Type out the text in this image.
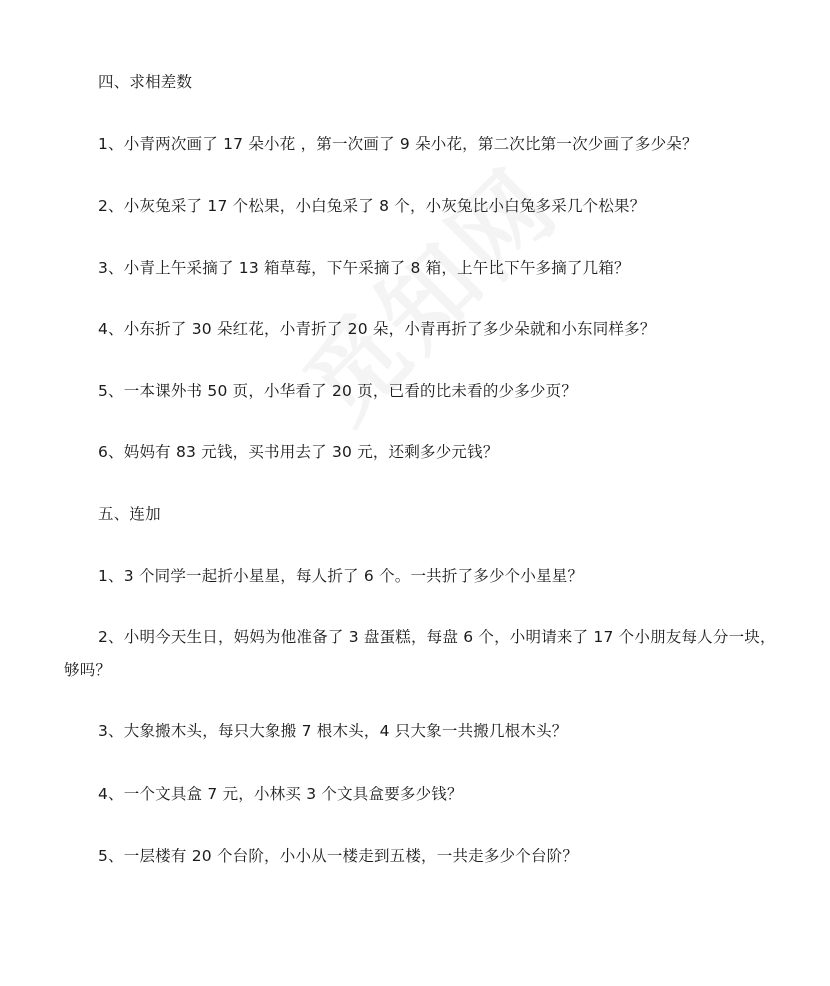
四、求相差数
1、小青两次画了 17 朵小花 ，第一次画了 9 朵小花，第二次比第一次少画了多少朵？
2、小灰兔采了 17 个松果，小白兔采了 8 个，小灰兔比小白兔多采几个松果？
3、小青上午采摘了 13 箱草莓，下午采摘了 8 箱，上午比下午多摘了几箱？
4、小东折了 30 朵红花，小青折了 20 朵，小青再折了多少朵就和小东同样多？
5、一本课外书 50 页，小华看了 20 页，已看的比未看的少多少页？
6、妈妈有 83 元钱，买书用去了 30 元，还剩多少元钱？
五、连加
1、3 个同学一起折小星星，每人折了 6 个。一共折了多少个小星星？
2、小明今天生日，妈妈为他准备了 3 盘蛋糕，每盘 6 个，小明请来了 17 个小朋友每人分一块，
够吗？
3、大象搬木头，每只大象搬 7 根木头，4 只大象一共搬几根木头？
4、一个文具盒 7 元，小林买 3 个文具盒要多少钱？
5、一层楼有 20 个台阶，小小从一楼走到五楼，一共走多少个台阶？
